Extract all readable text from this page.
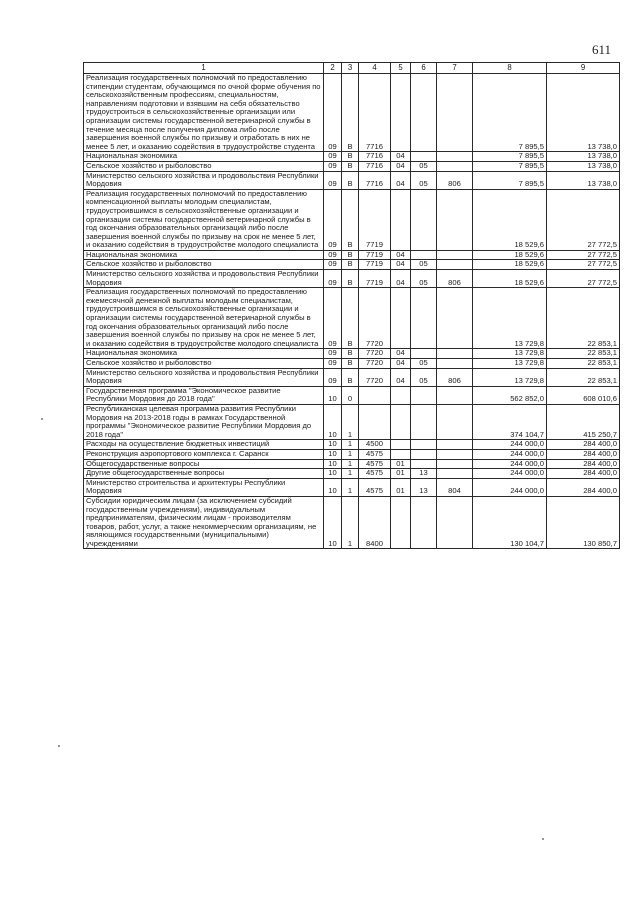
611
1	2	3	4	5	6	7	8	9
Реализация государственных полномочий по предоставлению стипендии студентам, обучающимся по очной форме обучения по сельскохозяйственным профессиям, специальностям, направлениям подготовки и взявшим на себя обязательство трудоустроиться в сельскохозяйственные организации или организации системы государственной ветеринарной службы в течение месяца после получения диплома либо после завершения военной службы по призыву и отработать в них не менее 5 лет, и оказанию содействия в трудоустройстве студента	09	В	7716				7 895,5	13 738,0
Национальная экономика	09	В	7716	04			7 895,5	13 738,0
Сельское хозяйство и рыболовство	09	В	7716	04	05		7 895,5	13 738,0
Министерство сельского хозяйства и продовольствия Республики Мордовия	09	В	7716	04	05	806	7 895,5	13 738,0
Реализация государственных полномочий по предоставлению компенсационной выплаты молодым специалистам, трудоустроившимся в сельскохозяйственные организации и организации системы государственной ветеринарной службы в год окончания образовательных организаций либо после завершения военной службы по призыву на срок не менее 5 лет, и оказанию содействия в трудоустройстве молодого специалиста	09	В	7719				18 529,6	27 772,5
Национальная экономика	09	В	7719	04			18 529,6	27 772,5
Сельское хозяйство и рыболовство	09	В	7719	04	05		18 529,6	27 772,5
Министерство сельского хозяйства и продовольствия Республики Мордовия	09	В	7719	04	05	806	18 529,6	27 772,5
Реализация государственных полномочий по предоставлению ежемесячной денежной выплаты молодым специалистам, трудоустроившимся в сельскохозяйственные организации и организации системы государственной ветеринарной службы в год окончания образовательных организаций либо после завершения военной службы по призыву на срок не менее 5 лет, и оказанию содействия в трудоустройстве молодого специалиста	09	В	7720				13 729,8	22 853,1
Национальная экономика	09	В	7720	04			13 729,8	22 853,1
Сельское хозяйство и рыболовство	09	В	7720	04	05		13 729,8	22 853,1
Министерство сельского хозяйства и продовольствия Республики Мордовия	09	В	7720	04	05	806	13 729,8	22 853,1
Государственная программа "Экономическое развитие Республики Мордовия до 2018 года"	10	0					562 852,0	608 010,6
Республиканская целевая программа развития Республики Мордовия на 2013-2018 годы в рамках Государственной программы "Экономическое развитие Республики Мордовия до 2018 года"	10	1					374 104,7	415 250,7
Расходы на осуществление бюджетных инвестиций	10	1	4500				244 000,0	284 400,0
Реконструкция аэропортового комплекса г. Саранск	10	1	4575				244 000,0	284 400,0
Общегосударственные вопросы	10	1	4575	01			244 000,0	284 400,0
Другие общегосударственные вопросы	10	1	4575	01	13		244 000,0	284 400,0
Министерство строительства и архитектуры Республики Мордовия	10	1	4575	01	13	804	244 000,0	284 400,0
Субсидии юридическим лицам (за исключением субсидий государственным учреждениям), индивидуальным предпринимателям, физическим лицам - производителям товаров, работ, услуг, а также некоммерческим организациям, не являющимся государственными (муниципальными) учреждениями	10	1	8400				130 104,7	130 850,7
